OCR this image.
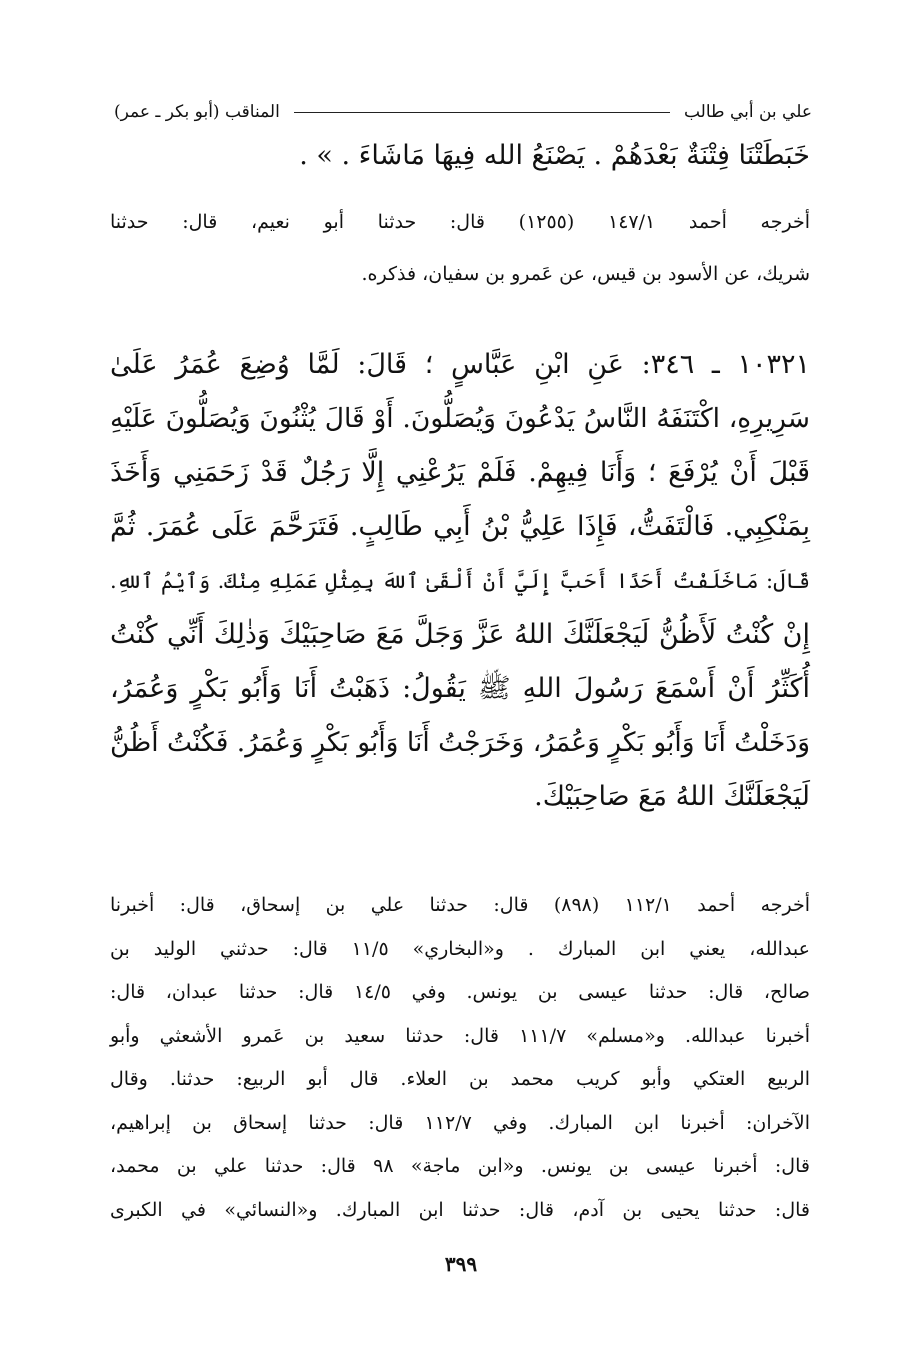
علي بن أبي طالب
المناقب (أبو بكر ـ عمر)
خَبَطَتْنَا فِتْنَةٌ بَعْدَهُمْ . يَصْنَعُ الله فِيهَا مَاشَاءَ . » .
أخرجه أحمد ١٤٧/١ (١٢٥٥) قال: حدثنا أبو نعيم، قال: حدثنا
شريك، عن الأسود بن قيس، عن عَمرو بن سفيان، فذكره.
١٠٣٢١ ـ ٣٤٦: عَنِ ابْنِ عَبَّاسٍ ؛ قَالَ: لَمَّا وُضِعَ عُمَرُ عَلَىٰ
سَرِيرِهِ، اكْتَنَفَهُ النَّاسُ يَدْعُونَ وَيُصَلُّونَ. أَوْ قَالَ يُثْنُونَ وَيُصَلُّونَ عَلَيْهِ
قَبْلَ أَنْ يُرْفَعَ ؛ وَأَنَا فِيهِمْ. فَلَمْ يَرُعْنِي إِلَّا رَجُلٌ قَدْ زَحَمَنِي وَأَخَذَ
بِمَنْكِبِي. فَالْتَفَتُّ، فَإِذَا عَلِيُّ بْنُ أَبِي طَالِبٍ. فَتَرَحَّمَ عَلَى عُمَرَ. ثُمَّ
قَالَ: مَاخَلَفْتُ أَحَدًا أَحَبَّ إِلَيَّ أَنْ أَلْقَىٰ ٱللهَ بِمِثْلِ عَمَلِهِ مِنْكَ. وَٱيْمُ ٱللهِ.
إِنْ كُنْتُ لَأَظُنُّ لَيَجْعَلَنَّكَ اللهُ عَزَّ وَجَلَّ مَعَ صَاحِبَيْكَ وَذٰلِكَ أَنِّي كُنْتُ
أُكَثِّرُ أَنْ أَسْمَعَ رَسُولَ اللهِ ﷺ يَقُولُ: ذَهَبْتُ أَنَا وَأَبُو بَكْرٍ وَعُمَرُ،
وَدَخَلْتُ أَنَا وَأَبُو بَكْرٍ وَعُمَرُ، وَخَرَجْتُ أَنَا وَأَبُو بَكْرٍ وَعُمَرُ. فَكُنْتُ أَظُنُّ
لَيَجْعَلَنَّكَ اللهُ مَعَ صَاحِبَيْكَ.
أخرجه أحمد ١١٢/١ (٨٩٨) قال: حدثنا علي بن إسحاق، قال: أخبرنا
عبدالله، يعني ابن المبارك . و«البخاري» ١١/٥ قال: حدثني الوليد بن
صالح، قال: حدثنا عيسى بن يونس. وفي ١٤/٥ قال: حدثنا عبدان، قال:
أخبرنا عبدالله. و«مسلم» ١١١/٧ قال: حدثنا سعيد بن عَمرو الأشعثي وأبو
الربيع العتكي وأبو كريب محمد بن العلاء. قال أبو الربيع: حدثنا. وقال
الآخران: أخبرنا ابن المبارك. وفي ١١٢/٧ قال: حدثنا إسحاق بن إبراهيم،
قال: أخبرنا عيسى بن يونس. و«ابن ماجة» ٩٨ قال: حدثنا علي بن محمد،
قال: حدثنا يحيى بن آدم، قال: حدثنا ابن المبارك. و«النسائي» في الكبرى
٣٩٩
